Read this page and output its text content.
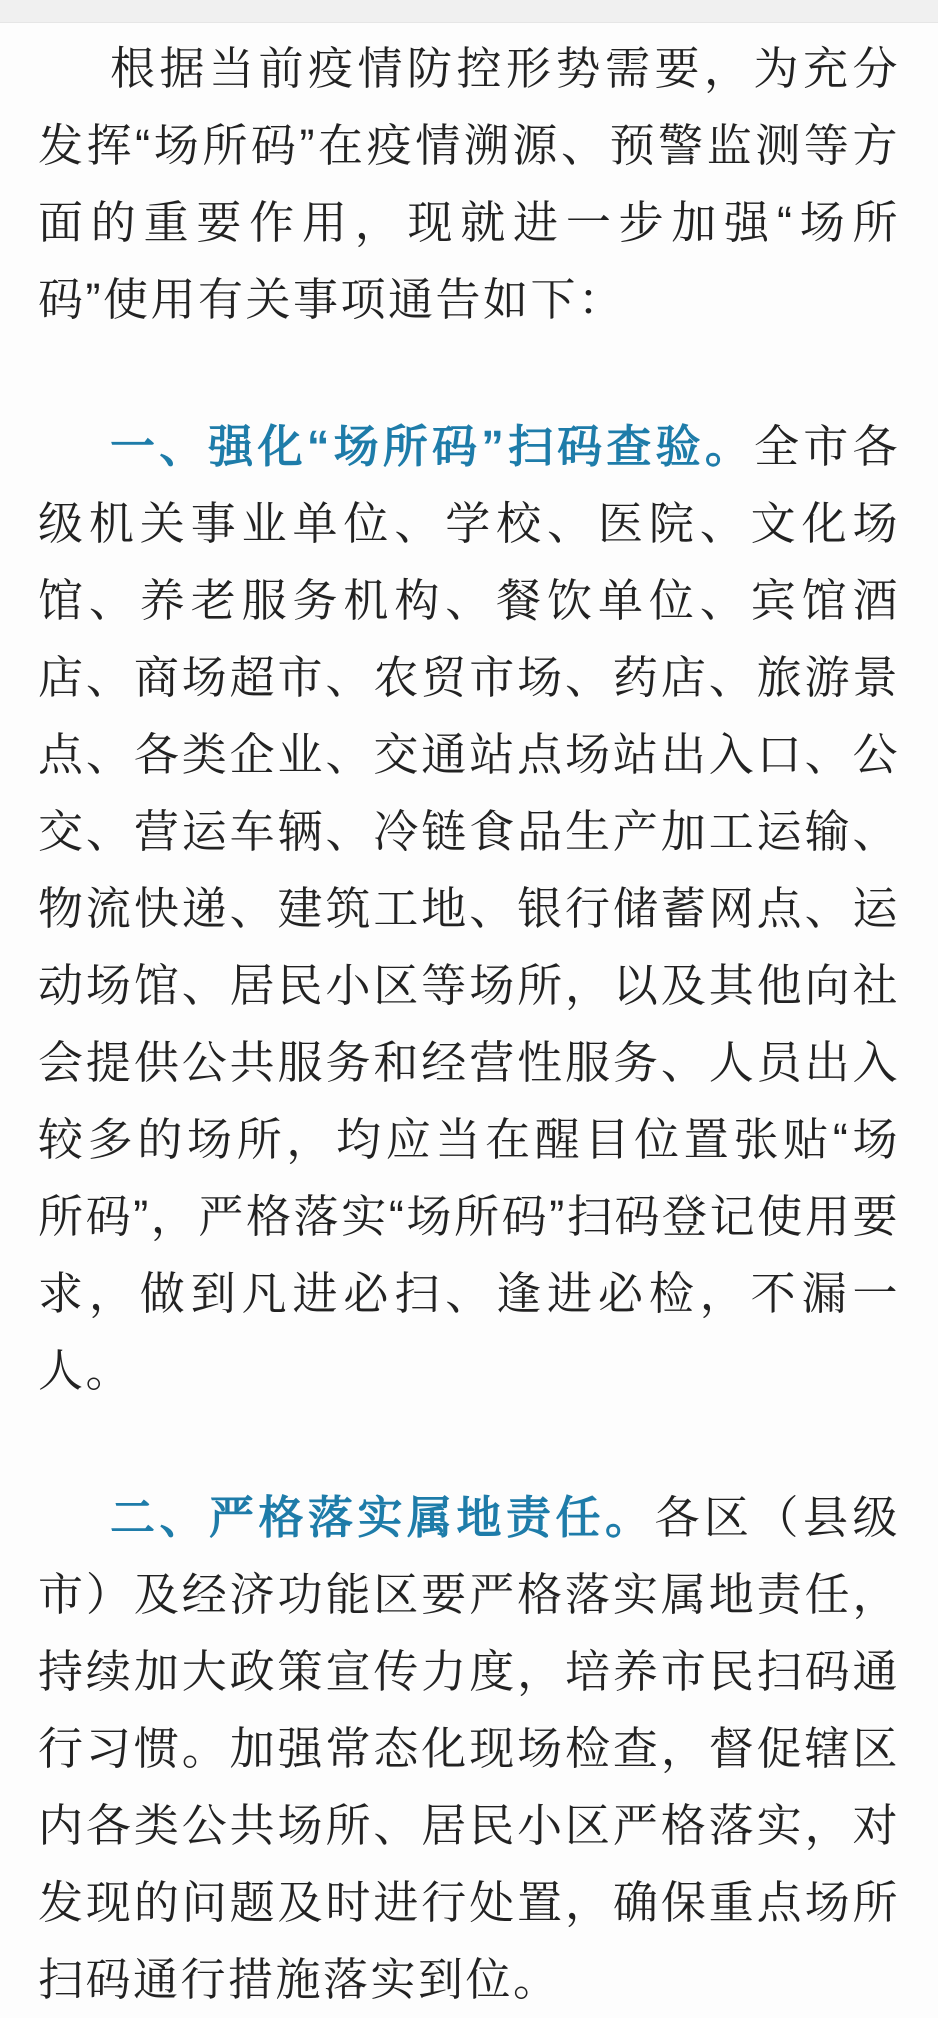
根据当前疫情防控形势需要，为充分发挥“场所码”在疫情溯源、预警监测等方面的重要作用，现就进一步加强“场所码”使用有关事项通告如下：

一、强化“场所码”扫码查验。全市各级机关事业单位、学校、医院、文化场馆、养老服务机构、餐饮单位、宾馆酒店、商场超市、农贸市场、药店、旅游景点、各类企业、交通站点场站出入口、公交、营运车辆、冷链食品生产加工运输、物流快递、建筑工地、银行储蓄网点、运动场馆、居民小区等场所，以及其他向社会提供公共服务和经营性服务、人员出入较多的场所，均应当在醒目位置张贴“场所码”，严格落实“场所码”扫码登记使用要求，做到凡进必扫、逢进必检，不漏一人。

二、严格落实属地责任。各区（县级市）及经济功能区要严格落实属地责任，持续加大政策宣传力度，培养市民扫码通行习惯。加强常态化现场检查，督促辖区内各类公共场所、居民小区严格落实，对发现的问题及时进行处置，确保重点场所扫码通行措施落实到位。
